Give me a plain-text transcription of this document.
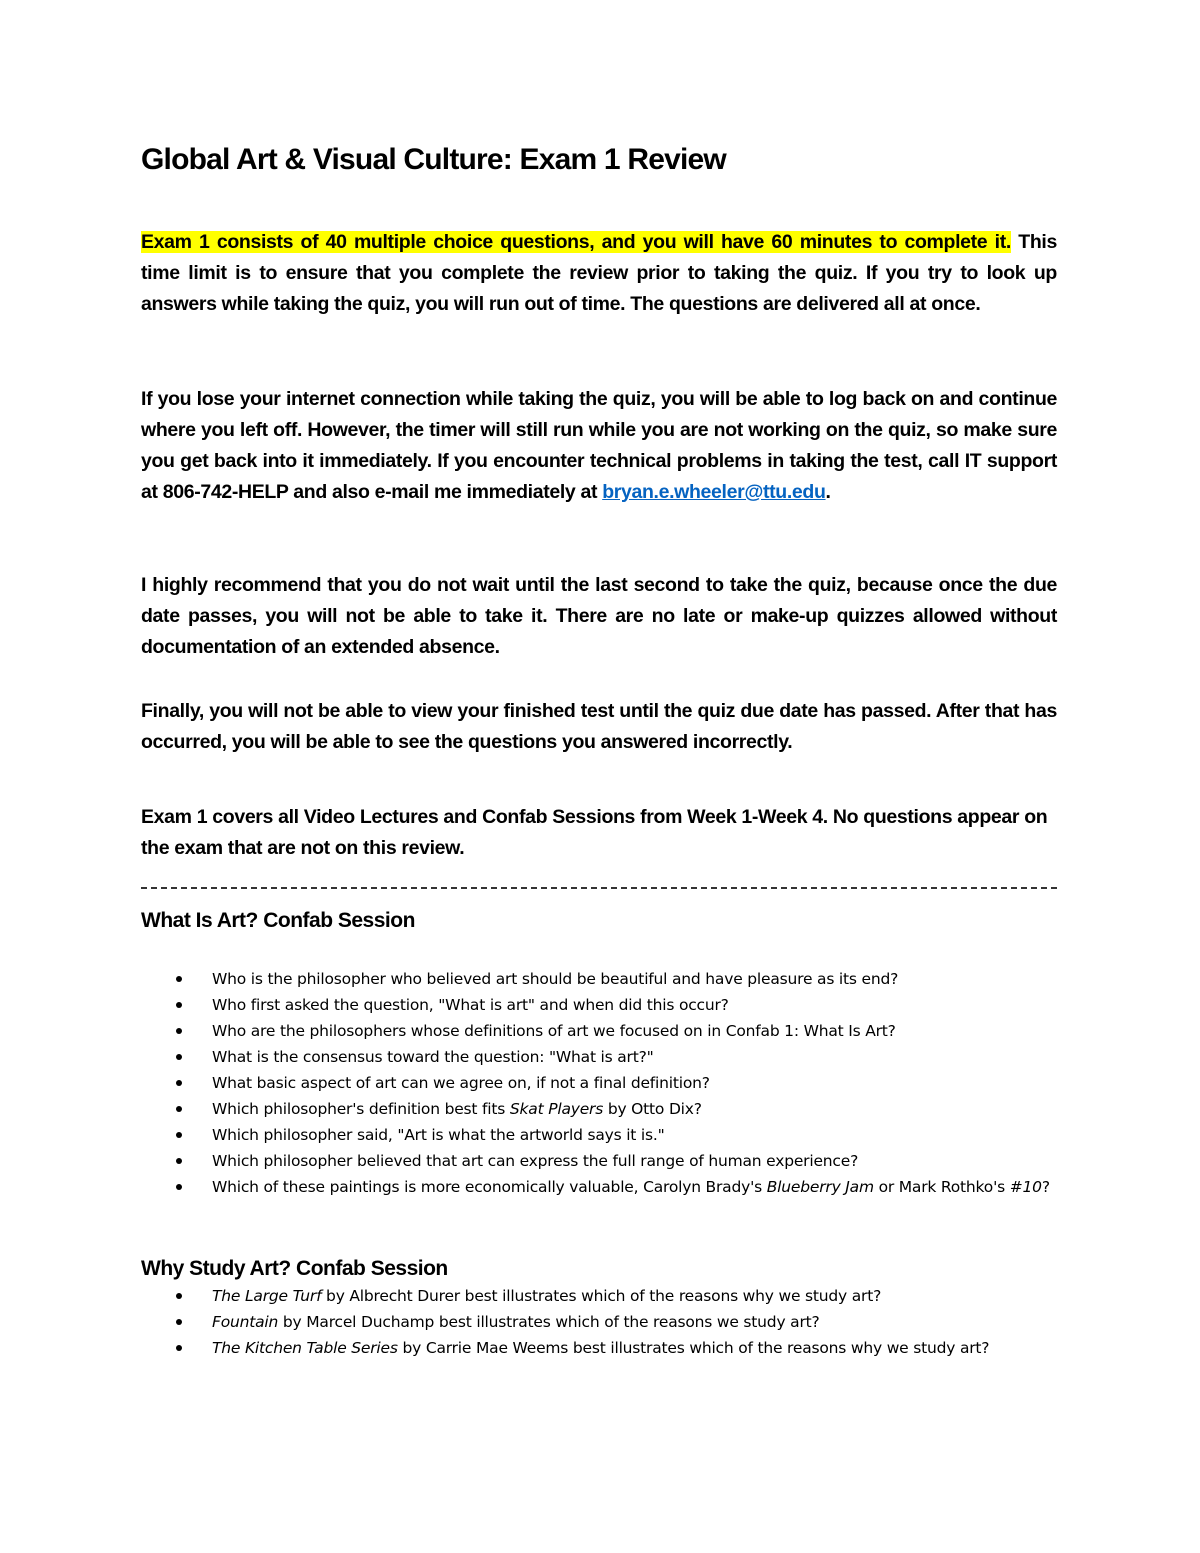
Global Art & Visual Culture: Exam 1 Review

Exam 1 consists of 40 multiple choice questions, and you will have 60 minutes to complete it. This time limit is to ensure that you complete the review prior to taking the quiz. If you try to look up answers while taking the quiz, you will run out of time. The questions are delivered all at once.

If you lose your internet connection while taking the quiz, you will be able to log back on and continue where you left off. However, the timer will still run while you are not working on the quiz, so make sure you get back into it immediately. If you encounter technical problems in taking the test, call IT support at 806-742-HELP and also e-mail me immediately at bryan.e.wheeler@ttu.edu.

I highly recommend that you do not wait until the last second to take the quiz, because once the due date passes, you will not be able to take it. There are no late or make-up quizzes allowed without documentation of an extended absence.

Finally, you will not be able to view your finished test until the quiz due date has passed. After that has occurred, you will be able to see the questions you answered incorrectly.

Exam 1 covers all Video Lectures and Confab Sessions from Week 1-Week 4. No questions appear on the exam that are not on this review.

What Is Art? Confab Session
Who is the philosopher who believed art should be beautiful and have pleasure as its end?
Who first asked the question, "What is art" and when did this occur?
Who are the philosophers whose definitions of art we focused on in Confab 1: What Is Art?
What is the consensus toward the question: "What is art?"
What basic aspect of art can we agree on, if not a final definition?
Which philosopher's definition best fits Skat Players by Otto Dix?
Which philosopher said, "Art is what the artworld says it is."
Which philosopher believed that art can express the full range of human experience?
Which of these paintings is more economically valuable, Carolyn Brady's Blueberry Jam or Mark Rothko's #10?
Why Study Art? Confab Session
The Large Turf by Albrecht Durer best illustrates which of the reasons why we study art?
Fountain by Marcel Duchamp best illustrates which of the reasons we study art?
The Kitchen Table Series by Carrie Mae Weems best illustrates which of the reasons why we study art?
